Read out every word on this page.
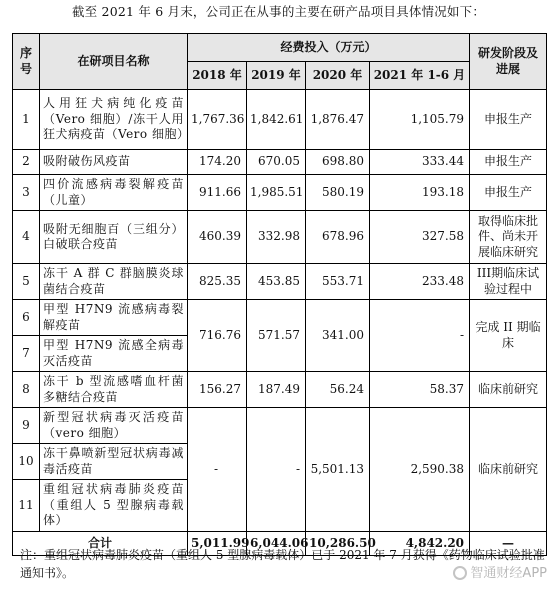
截至 2021 年 6 月末，公司正在从事的主要在研产品项目具体情况如下：
序号	在研项目名称	经费投入（万元）				研发阶段及进展
		2018 年	2019 年	2020 年	2021 年 1-6 月	
1	人用狂犬病纯化疫苗（Vero 细胞）/冻干人用狂犬病疫苗（Vero 细胞）	1,767.36	1,842.61	1,876.47	1,105.79	申报生产
2	吸附破伤风疫苗	174.20	670.05	698.80	333.44	申报生产
3	四价流感病毒裂解疫苗（儿童）	911.66	1,985.51	580.19	193.18	申报生产
4	吸附无细胞百（三组分）白破联合疫苗	460.39	332.98	678.96	327.58	取得临床批件、尚未开展临床研究
5	冻干 A 群 C 群脑膜炎球菌结合疫苗	825.35	453.85	553.71	233.48	III期临床试验过程中
6	甲型 H7N9 流感病毒裂解疫苗	716.76	571.57	341.00	-	完成 II 期临床
7	甲型 H7N9 流感全病毒灭活疫苗					
8	冻干 b 型流感嗜血杆菌多糖结合疫苗	156.27	187.49	56.24	58.37	临床前研究
9	新型冠状病毒灭活疫苗（vero 细胞）	-	-	5,501.13	2,590.38	临床前研究
10	冻干鼻喷新型冠状病毒减毒活疫苗					
11	重组冠状病毒肺炎疫苗（重组人 5 型腺病毒载体）					
合计		5,011.99	6,044.06	10,286.50	4,842.20	—
注：重组冠状病毒肺炎疫苗（重组人 5 型腺病毒载体）已于 2021 年 7 月获得《药物临床试验批准通知书》。	智通财经APP
